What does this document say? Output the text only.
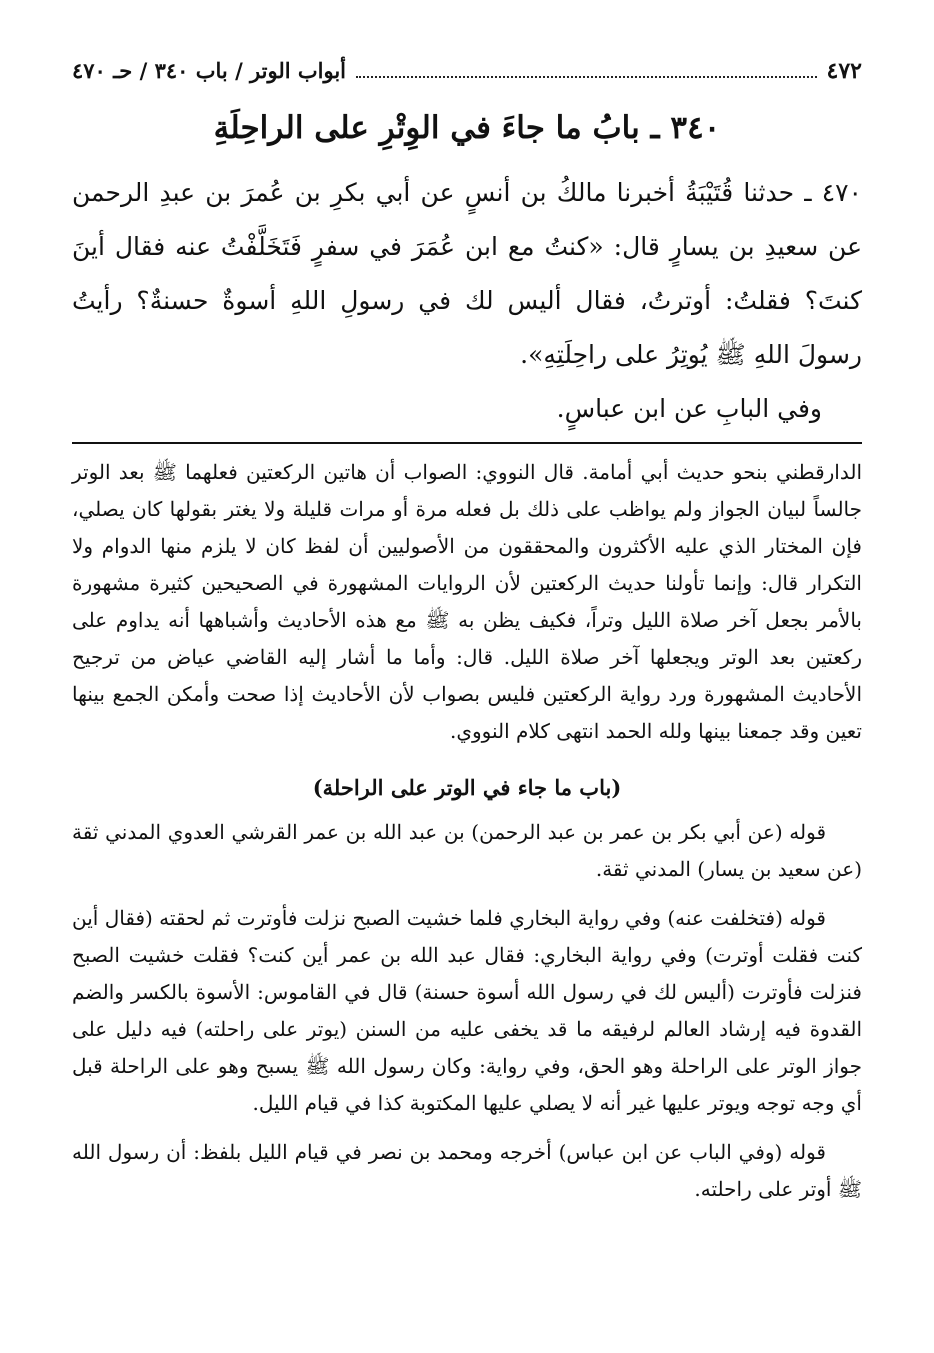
٤٧٢
أبواب الوتر / باب ٣٤٠ / حـ ٤٧٠
٣٤٠ ـ بابُ ما جاءَ في الوِتْرِ على الراحِلَةِ

٤٧٠ ـ حدثنا قُتَيْبَةُ أخبرنا مالكُ بن أنسٍ عن أبي بكرِ بن عُمرَ بن عبدِ الرحمن عن سعيدِ بن يسارٍ قال: «كنتُ مع ابن عُمَرَ في سفرٍ فَتَخَلَّفْتُ عنه فقال أينَ كنتَ؟ فقلتُ: أوترتُ، فقال أليس لك في رسولِ اللهِ أسوةٌ حسنةٌ؟ رأيتُ رسولَ اللهِ ﷺ يُوتِرُ على راحِلَتِهِ».

وفي البابِ عن ابن عباسٍ.

الدارقطني بنحو حديث أبي أمامة. قال النووي: الصواب أن هاتين الركعتين فعلهما ﷺ بعد الوتر جالساً لبيان الجواز ولم يواظب على ذلك بل فعله مرة أو مرات قليلة ولا يغتر بقولها كان يصلي، فإن المختار الذي عليه الأكثرون والمحققون من الأصوليين أن لفظ كان لا يلزم منها الدوام ولا التكرار قال: وإنما تأولنا حديث الركعتين لأن الروايات المشهورة في الصحيحين كثيرة مشهورة بالأمر بجعل آخر صلاة الليل وتراً، فكيف يظن به ﷺ مع هذه الأحاديث وأشباهها أنه يداوم على ركعتين بعد الوتر ويجعلها آخر صلاة الليل. قال: وأما ما أشار إليه القاضي عياض من ترجيح الأحاديث المشهورة ورد رواية الركعتين فليس بصواب لأن الأحاديث إذا صحت وأمكن الجمع بينها تعين وقد جمعنا بينها ولله الحمد انتهى كلام النووي.

(باب ما جاء في الوتر على الراحلة)

قوله (عن أبي بكر بن عمر بن عبد الرحمن) بن عبد الله بن عمر القرشي العدوي المدني ثقة (عن سعيد بن يسار) المدني ثقة.

قوله (فتخلفت عنه) وفي رواية البخاري فلما خشيت الصبح نزلت فأوترت ثم لحقته (فقال أين كنت فقلت أوترت) وفي رواية البخاري: فقال عبد الله بن عمر أين كنت؟ فقلت خشيت الصبح فنزلت فأوترت (أليس لك في رسول الله أسوة حسنة) قال في القاموس: الأسوة بالكسر والضم القدوة فيه إرشاد العالم لرفيقه ما قد يخفى عليه من السنن (يوتر على راحلته) فيه دليل على جواز الوتر على الراحلة وهو الحق، وفي رواية: وكان رسول الله ﷺ يسبح وهو على الراحلة قبل أي وجه توجه ويوتر عليها غير أنه لا يصلي عليها المكتوبة كذا في قيام الليل.

قوله (وفي الباب عن ابن عباس) أخرجه ومحمد بن نصر في قيام الليل بلفظ: أن رسول الله ﷺ أوتر على راحلته.
